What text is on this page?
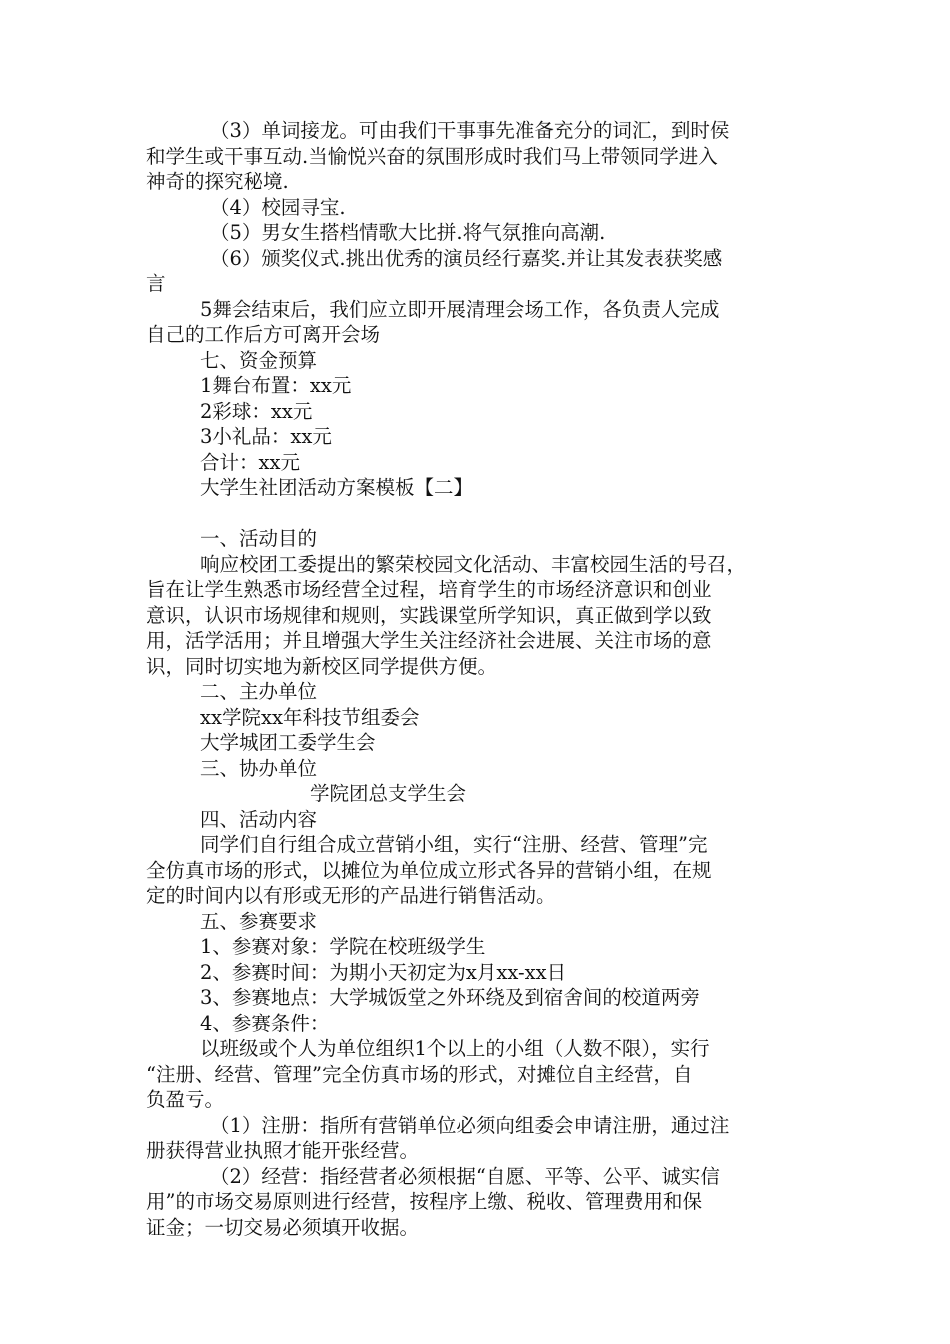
（3）单词接龙。可由我们干事事先准备充分的词汇，到时侯
和学生或干事互动.当愉悦兴奋的氛围形成时我们马上带领同学进入
神奇的探究秘境.
（4）校园寻宝.
（5）男女生搭档情歌大比拼.将气氛推向高潮.
（6）颁奖仪式.挑出优秀的演员经行嘉奖.并让其发表获奖感
言
5舞会结束后，我们应立即开展清理会场工作，各负责人完成
自己的工作后方可离开会场
七、资金预算
1舞台布置：xx元
2彩球：xx元
3小礼品：xx元
合计：xx元
大学生社团活动方案模板【二】
一、活动目的
响应校团工委提出的繁荣校园文化活动、丰富校园生活的号召，
旨在让学生熟悉市场经营全过程，培育学生的市场经济意识和创业
意识，认识市场规律和规则，实践课堂所学知识，真正做到学以致
用，活学活用；并且增强大学生关注经济社会进展、关注市场的意
识，同时切实地为新校区同学提供方便。
二、主办单位
xx学院xx年科技节组委会
大学城团工委学生会
三、协办单位
学院团总支学生会
四、活动内容
同学们自行组合成立营销小组，实行“注册、经营、管理”完
全仿真市场的形式，以摊位为单位成立形式各异的营销小组，在规
定的时间内以有形或无形的产品进行销售活动。
五、参赛要求
1、参赛对象：学院在校班级学生
2、参赛时间：为期小天初定为x月xx-xx日
3、参赛地点：大学城饭堂之外环绕及到宿舍间的校道两旁
4、参赛条件：
以班级或个人为单位组织1个以上的小组（人数不限），实行
“注册、经营、管理”完全仿真市场的形式，对摊位自主经营，自
负盈亏。
（1）注册：指所有营销单位必须向组委会申请注册，通过注
册获得营业执照才能开张经营。
（2）经营：指经营者必须根据“自愿、平等、公平、诚实信
用”的市场交易原则进行经营，按程序上缴、税收、管理费用和保
证金；一切交易必须填开收据。
